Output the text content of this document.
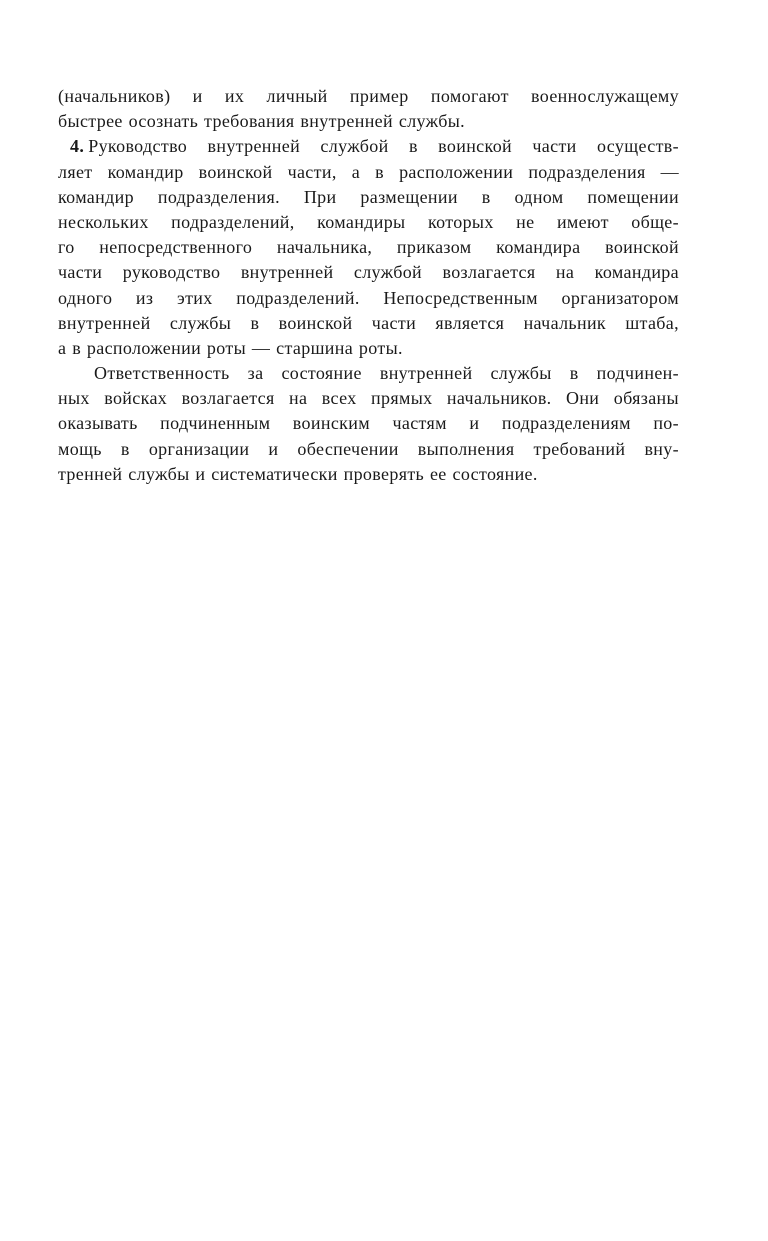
(начальников) и их личный пример помогают военнослужащему
быстрее осознать требования внутренней службы.
4. Руководство внутренней службой в воинской части осуществ-
ляет командир воинской части, а в расположении подразделения —
командир подразделения. При размещении в одном помещении
нескольких подразделений, командиры которых не имеют обще-
го непосредственного начальника, приказом командира воинской
части руководство внутренней службой возлагается на командира
одного из этих подразделений. Непосредственным организатором
внутренней службы в воинской части является начальник штаба,
а в расположении роты — старшина роты.
Ответственность за состояние внутренней службы в подчинен-
ных войсках возлагается на всех прямых начальников. Они обязаны
оказывать подчиненным воинским частям и подразделениям по-
мощь в организации и обеспечении выполнения требований вну-
тренней службы и систематически проверять ее состояние.
